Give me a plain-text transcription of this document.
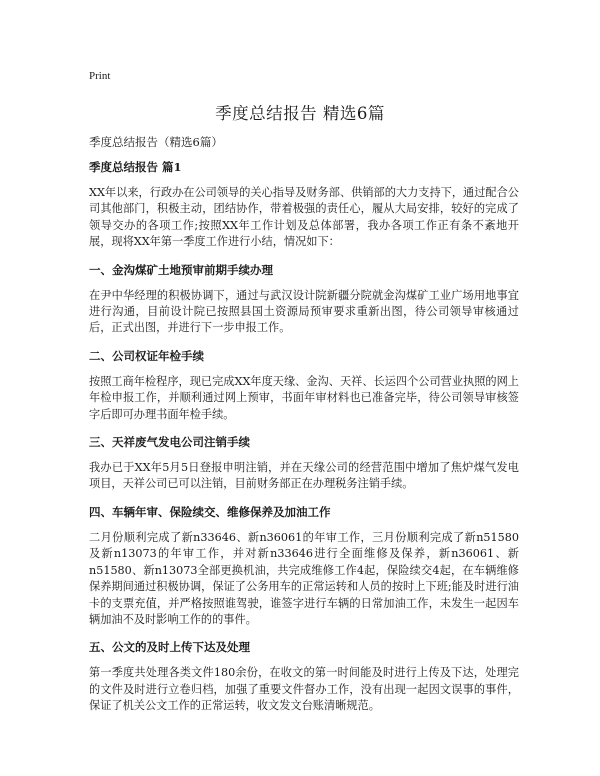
Print
季度总结报告 精选6篇

季度总结报告（精选6篇）

季度总结报告 篇1

XX年以来，行政办在公司领导的关心指导及财务部、供销部的大力支持下，通过配合公司其他部门，积极主动，团结协作，带着极强的责任心，履从大局安排，较好的完成了领导交办的各项工作;按照XX年工作计划及总体部署，我办各项工作正有条不紊地开展，现将XX年第一季度工作进行小结，情况如下：

一、金沟煤矿土地预审前期手续办理

在尹中华经理的积极协调下，通过与武汉设计院新疆分院就金沟煤矿工业广场用地事宜进行沟通，目前设计院已按照县国土资源局预审要求重新出图，待公司领导审核通过后，正式出图，并进行下一步申报工作。

二、公司权证年检手续

按照工商年检程序，现已完成XX年度天缘、金沟、天祥、长运四个公司营业执照的网上年检申报工作，并顺利通过网上预审，书面年审材料也已准备完毕，待公司领导审核签字后即可办理书面年检手续。

三、天祥废气发电公司注销手续

我办已于XX年5月5日登报申明注销，并在天缘公司的经营范围中增加了焦炉煤气发电项目，天祥公司已可以注销，目前财务部正在办理税务注销手续。

四、车辆年审、保险续交、维修保养及加油工作

二月份顺利完成了新n33646、新n36061的年审工作，三月份顺利完成了新n51580及新n13073的年审工作，并对新n33646进行全面维修及保养，新n36061、新n51580、新n13073全部更换机油，共完成维修工作4起，保险续交4起，在车辆维修保养期间通过积极协调，保证了公务用车的正常运转和人员的按时上下班;能及时进行油卡的支票充值，并严格按照谁驾驶，谁签字进行车辆的日常加油工作，未发生一起因车辆加油不及时影响工作的的事件。

五、公文的及时上传下达及处理

第一季度共处理各类文件180余份，在收文的第一时间能及时进行上传及下达，处理完的文件及时进行立卷归档，加强了重要文件督办工作，没有出现一起因文误事的事件，保证了机关公文工作的正常运转，收文发文台账清晰规范。
